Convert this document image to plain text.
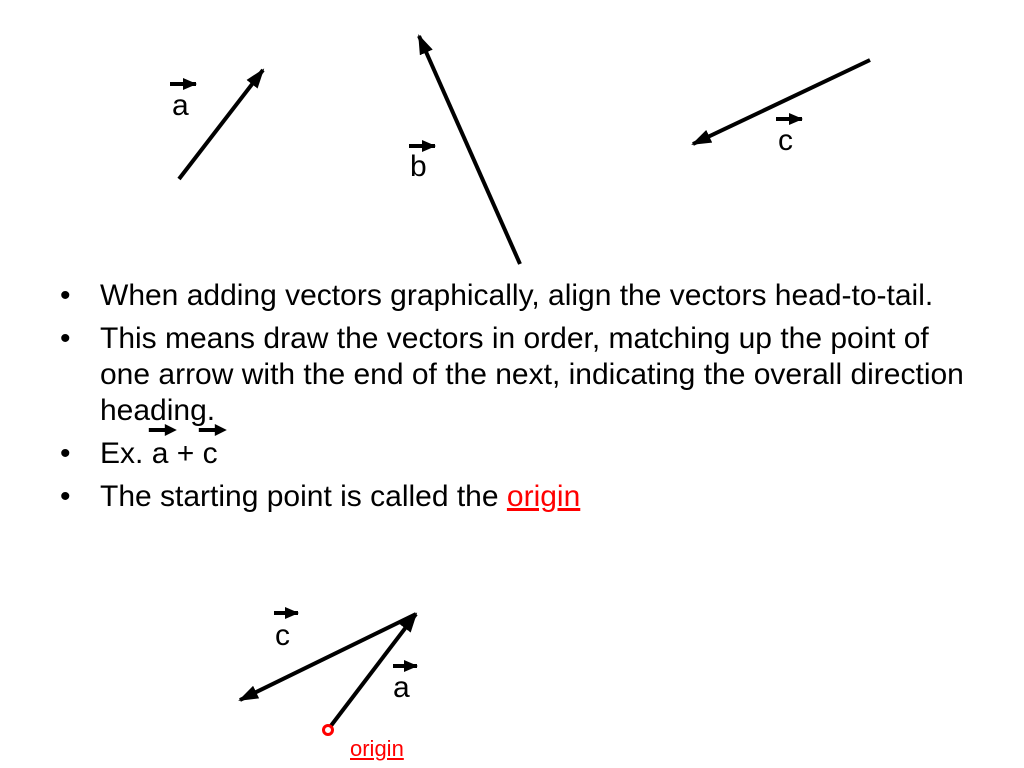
a
b
c
c
a
• When adding vectors graphically, align the vectors head-to-tail.
• This means draw the vectors in order, matching up the point of one arrow with the end of the next, indicating the overall direction heading.
• Ex. a + c
• The starting point is called the origin
origin
